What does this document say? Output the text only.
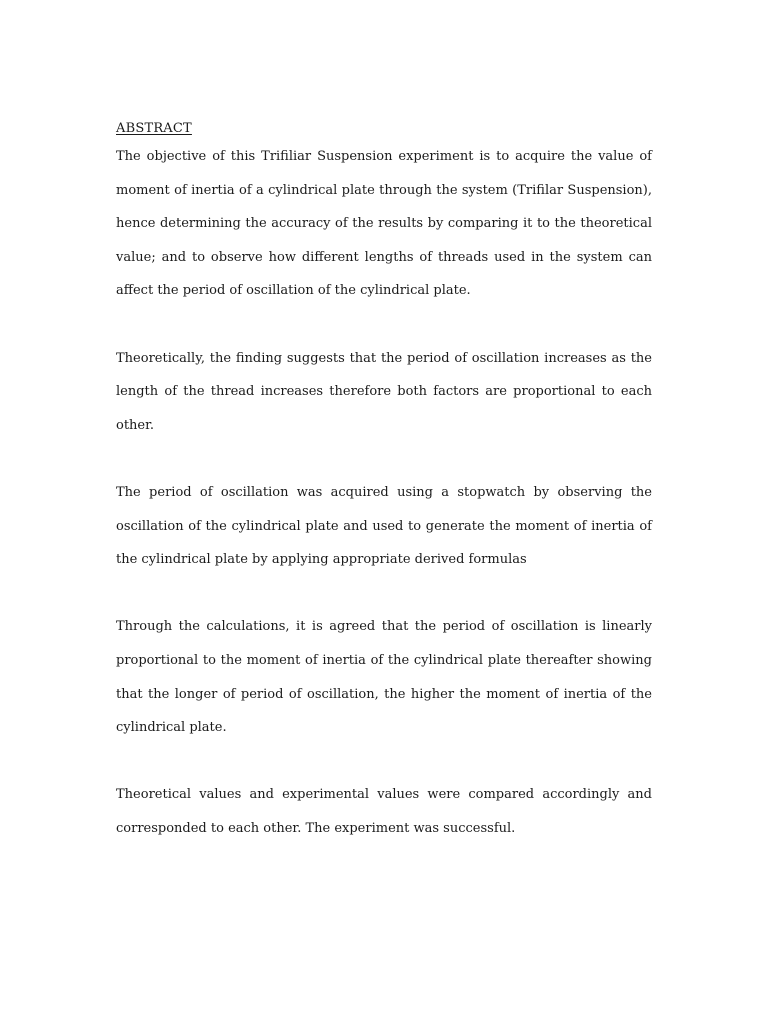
ABSTRACT

The objective of this Trifiliar Suspension experiment is to acquire the value of moment of inertia of a cylindrical plate through the system (Trifilar Suspension), hence determining the accuracy of the results by comparing it to the theoretical value; and to observe how different lengths of threads used in the system can affect the period of oscillation of the cylindrical plate.

Theoretically, the finding suggests that the period of oscillation increases as the length of the thread increases therefore both factors are proportional to each other.

The period of oscillation was acquired using a stopwatch by observing the oscillation of the cylindrical plate and used to generate the moment of inertia of the cylindrical plate by applying appropriate derived formulas

Through the calculations, it is agreed that the period of oscillation is linearly proportional to the moment of inertia of the cylindrical plate thereafter showing that the longer of period of oscillation, the higher the moment of inertia of the cylindrical plate.

Theoretical values and experimental values were compared accordingly and corresponded to each other. The experiment was successful.
